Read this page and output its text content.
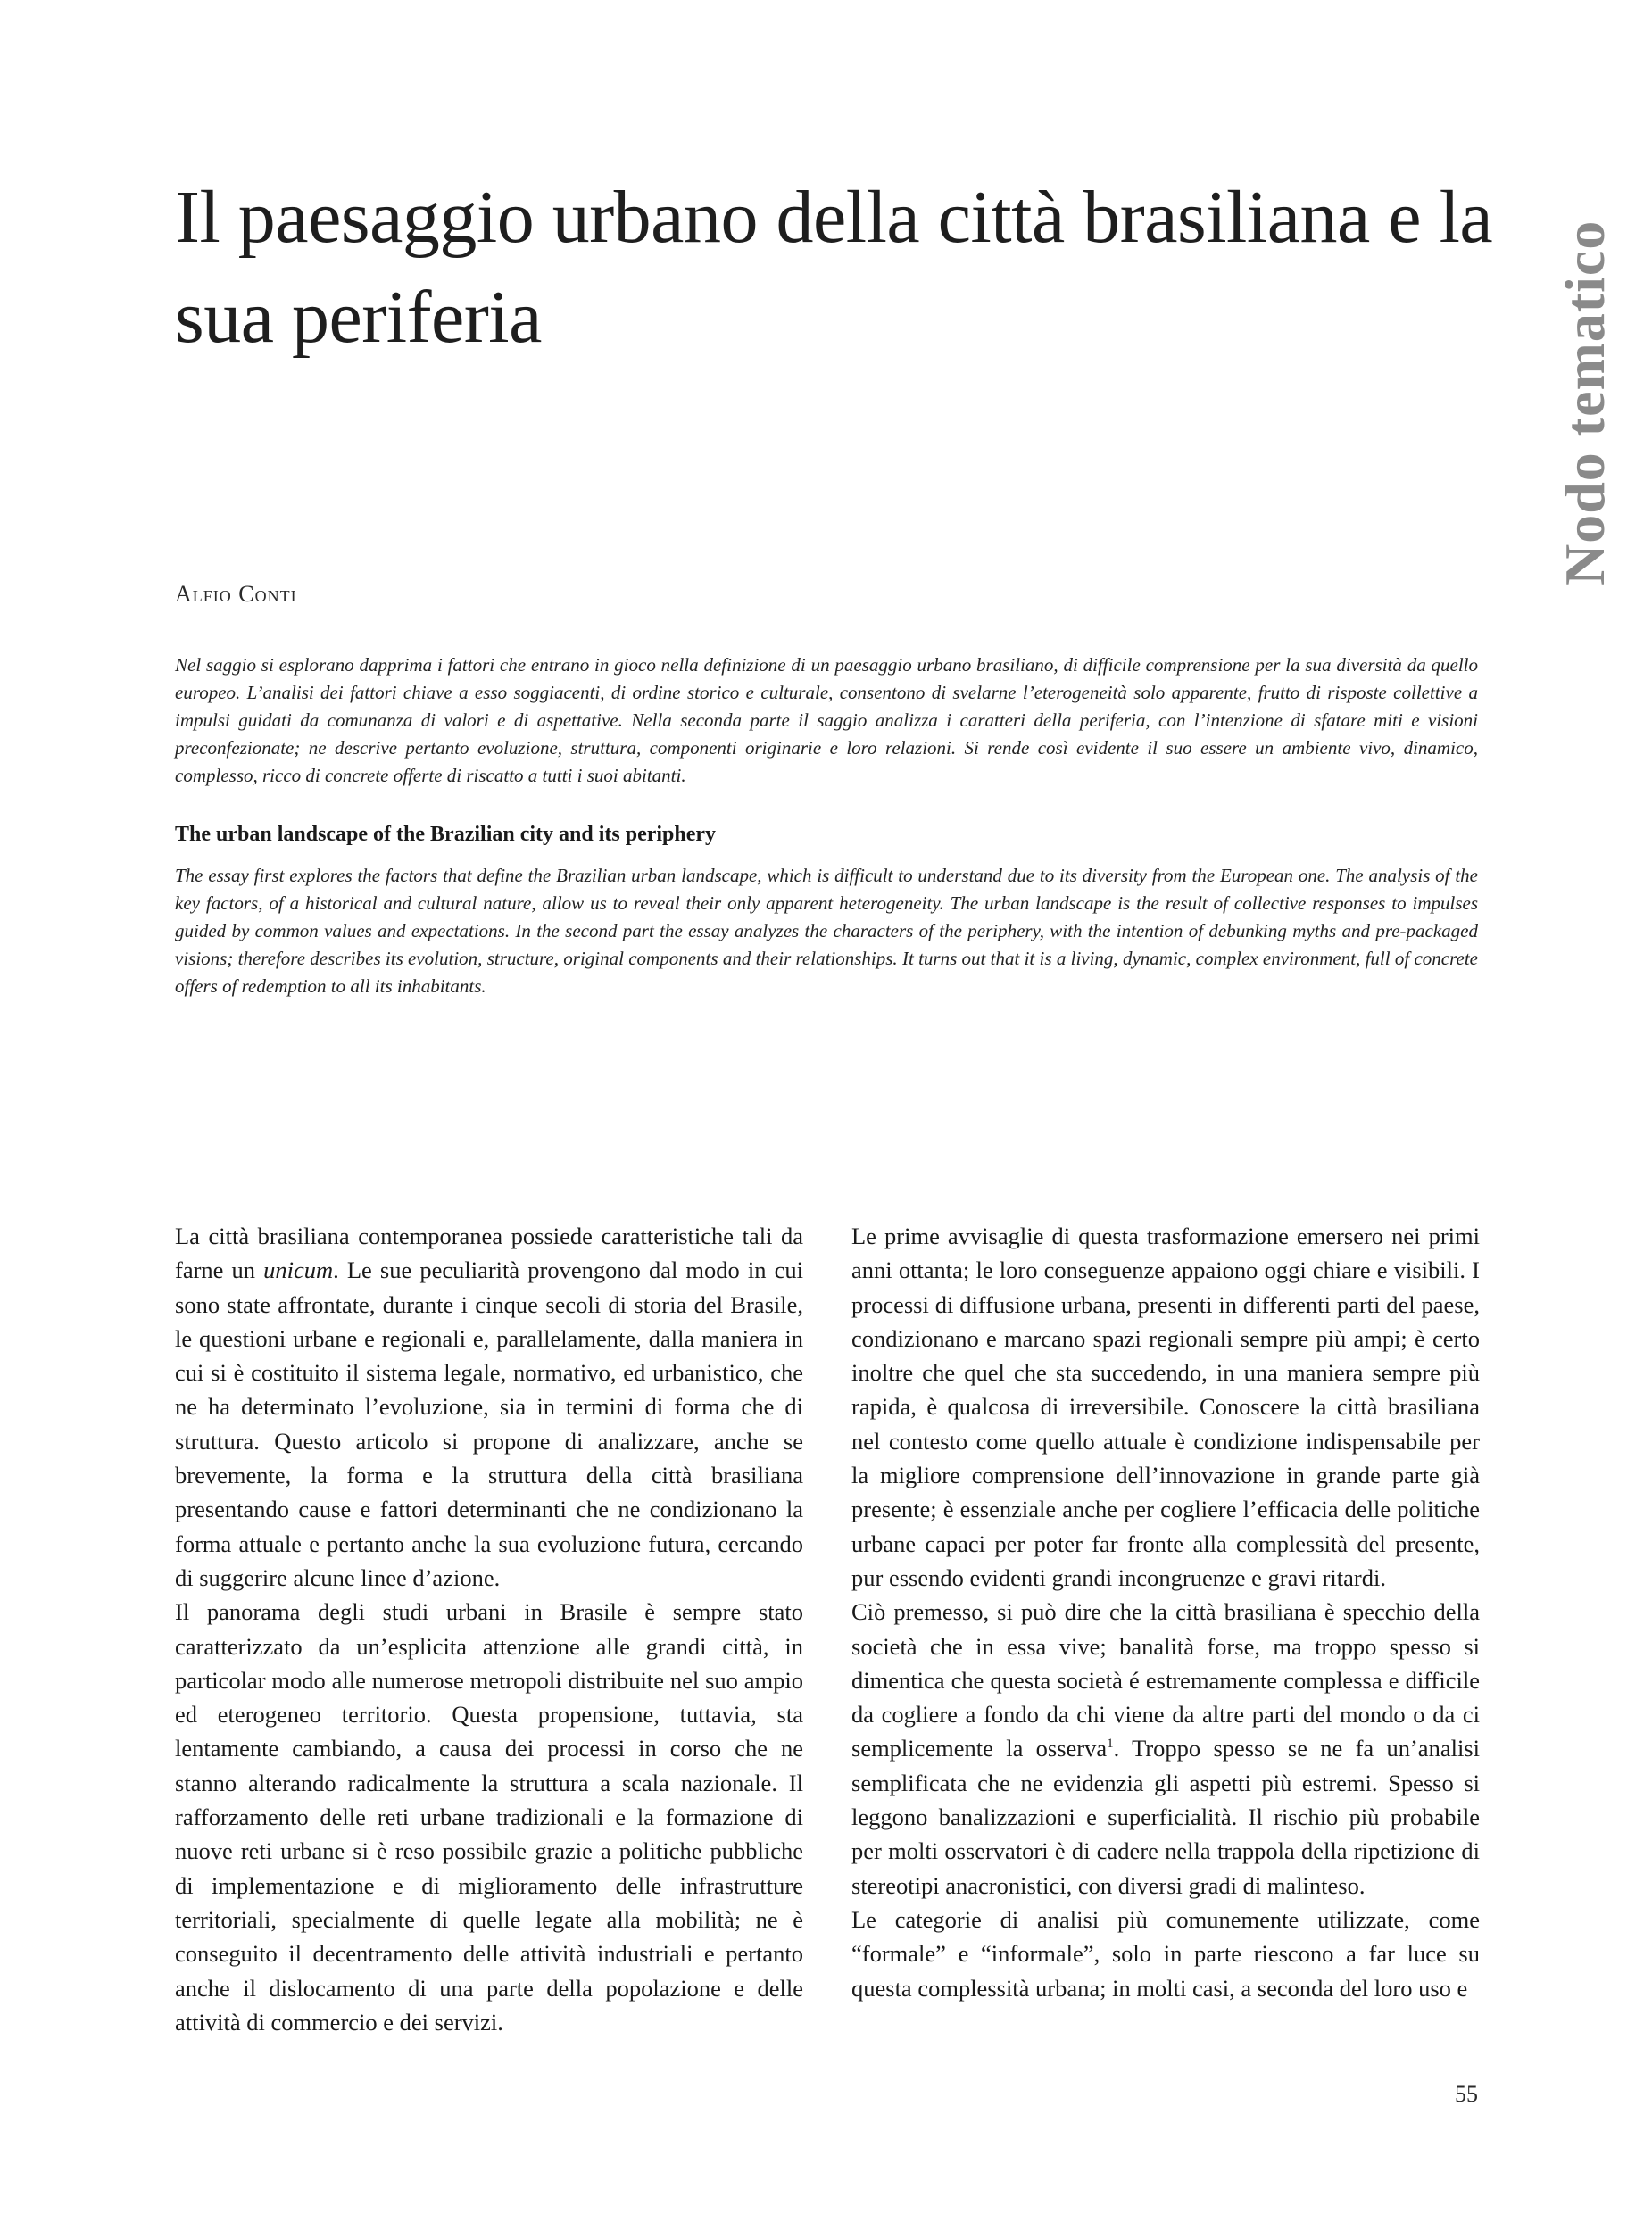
Il paesaggio urbano della città brasiliana e la sua periferia	Nodo tematico
Alfio Conti

Nel saggio si esplorano dapprima i fattori che entrano in gioco nella definizione di un paesaggio urbano brasiliano, di difficile comprensione per la sua diversità da quello europeo. L’analisi dei fattori chiave a esso soggiacenti, di ordine storico e culturale, consentono di svelarne l’eterogeneità solo apparente, frutto di risposte collettive a impulsi guidati da comunanza di valori e di aspettative. Nella seconda parte il saggio analizza i caratteri della periferia, con l’intenzione di sfatare miti e visioni preconfezionate; ne descrive pertanto evoluzione, struttura, componenti originarie e loro relazioni. Si rende così evidente il suo essere un ambiente vivo, dinamico, complesso, ricco di concrete offerte di riscatto a tutti i suoi abitanti.

The urban landscape of the Brazilian city and its periphery

The essay first explores the factors that define the Brazilian urban landscape, which is difficult to understand due to its diversity from the European one. The analysis of the key factors, of a historical and cultural nature, allow us to reveal their only apparent heterogeneity. The urban landscape is the result of collective responses to impulses guided by common values and expectations. In the second part the essay analyzes the characters of the periphery, with the intention of debunking myths and pre-packaged visions; therefore describes its evolution, structure, original components and their relationships. It turns out that it is a living, dynamic, complex environment, full of concrete offers of redemption to all its inhabitants.

La città brasiliana contemporanea possiede caratteristiche tali da farne un unicum. Le sue peculiarità provengono dal modo in cui sono state affrontate, durante i cinque secoli di storia del Brasile, le questioni urbane e regionali e, parallelamente, dalla maniera in cui si è costituito il sistema legale, normativo, ed urbanistico, che ne ha determinato l’evoluzione, sia in termini di forma che di struttura. Questo articolo si propone di analizzare, anche se brevemente, la forma e la struttura della città brasiliana presentando cause e fattori determinanti che ne condizionano la forma attuale e pertanto anche la sua evoluzione futura, cercando di suggerire alcune linee d’azione.

Il panorama degli studi urbani in Brasile è sempre stato caratterizzato da un’esplicita attenzione alle grandi città, in particolar modo alle numerose metropoli distribuite nel suo ampio ed eterogeneo territorio. Questa propensione, tuttavia, sta lentamente cambiando, a causa dei processi in corso che ne stanno alterando radicalmente la struttura a scala nazionale. Il rafforzamento delle reti urbane tradizionali e la formazione di nuove reti urbane si è reso possibile grazie a politiche pubbliche di implementazione e di miglioramento delle infrastrutture territoriali, specialmente di quelle legate alla mobilità; ne è conseguito il decentramento delle attività industriali e pertanto anche il dislocamento di una parte della popolazione e delle attività di commercio e dei servizi.

Le prime avvisaglie di questa trasformazione emersero nei primi anni ottanta; le loro conseguenze appaiono oggi chiare e visibili. I processi di diffusione urbana, presenti in differenti parti del paese, condizionano e marcano spazi regionali sempre più ampi; è certo inoltre che quel che sta succedendo, in una maniera sempre più rapida, è qualcosa di irreversibile. Conoscere la città brasiliana nel contesto come quello attuale è condizione indispensabile per la migliore comprensione dell’innovazione in grande parte già presente; è essenziale anche per cogliere l’efficacia delle politiche urbane capaci per poter far fronte alla complessità del presente, pur essendo evidenti grandi incongruenze e gravi ritardi.

Ciò premesso, si può dire che la città brasiliana è specchio della società che in essa vive; banalità forse, ma troppo spesso si dimentica che questa società é estremamente complessa e difficile da cogliere a fondo da chi viene da altre parti del mondo o da ci semplicemente la osserva$^1$. Troppo spesso se ne fa un’analisi semplificata che ne evidenzia gli aspetti più estremi. Spesso si leggono banalizzazioni e superficialità. Il rischio più probabile per molti osservatori è di cadere nella trappola della ripetizione di stereotipi anacronistici, con diversi gradi di malinteso.

Le categorie di analisi più comunemente utilizzate, come “formale” e “informale”, solo in parte riescono a far luce su questa complessità urbana; in molti casi, a seconda del loro uso e

55
